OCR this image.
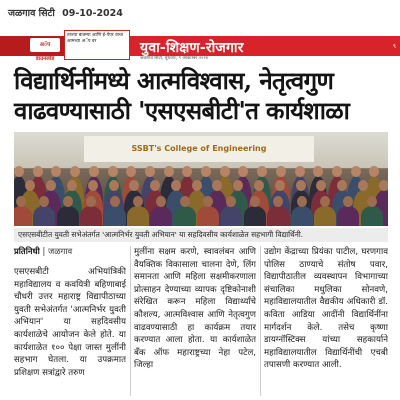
जळगाव सिटी 09-10-2024
अॅप डाउनलोड
ताज्या बातम्या आणि ई-पेपर वाचा आमच्या अॅप वर	युवा-शिक्षण-रोजगार
जळगाव सिटी, बुधवार, ९ ऑक्टोबर २०२४
९
विद्यार्थिनींमध्ये आत्मविश्वास, नेतृत्वगुण वाढवण्यासाठी 'एसएसबीटी'त कार्यशाळा
SSBT's College of Engineering
एसएसबीटीत युवती सभेअंतर्गत 'आत्मनिर्भर युवती अभियान' या सहदिवसीय कार्यशाळेत सहभागी विद्यार्थिनी.
प्रतिनिधी | जळगाव
एसएसबीटी अभियांत्रिकी महाविद्यालय व कवयित्री बहिणाबाई चौधरी उत्तर महाराष्ट्र विद्यापीठाच्या युवती सभेअंतर्गत 'आत्मनिर्भर युवती अभियान' या सहदिवसीय कार्यशाळेचे आयोजन केले होते. या कार्यशाळेत १०० पेक्षा जास्त मुलींनी सहभाग घेतला. या उपक्रमात प्रशिक्षण सत्रांद्वारे तरुण
मुलींना सक्षम करणे, स्वावलंबन आणि वैयक्तिक विकासाला चालना देणे, लिंग समानता आणि महिला सक्षमीकरणाला प्रोत्साहन देण्याच्या व्यापक दृष्टिकोनाशी संरेखित करून महिला विद्यार्थ्यांचे कौशल्य, आत्मविश्वास आणि नेतृत्वगुण वाढवण्यासाठी हा कार्यक्रम तयार करण्यात आला होता. या कार्यशाळेत बँक ऑफ महाराष्ट्रच्या नेहा पटेल, जिल्हा
उद्योग केंद्राच्या प्रियंका पाटील, घरणगाव पोलिस ठाण्याचे संतोष पवार, विद्यापीठातील व्यवस्थापन विभागाच्या संचालिका मधुलिका सोनवणे, महाविद्यालयातील वैद्यकीय अधिकारी डॉ. कविता आडिया आदींनी विद्यार्थिनींना मार्गदर्शन केले. तसेच कृष्णा डायग्नॉस्टिक्स यांच्या सहकार्याने महाविद्यालयातील विद्यार्थिनींची एचबी तपासणी करण्यात आली.
